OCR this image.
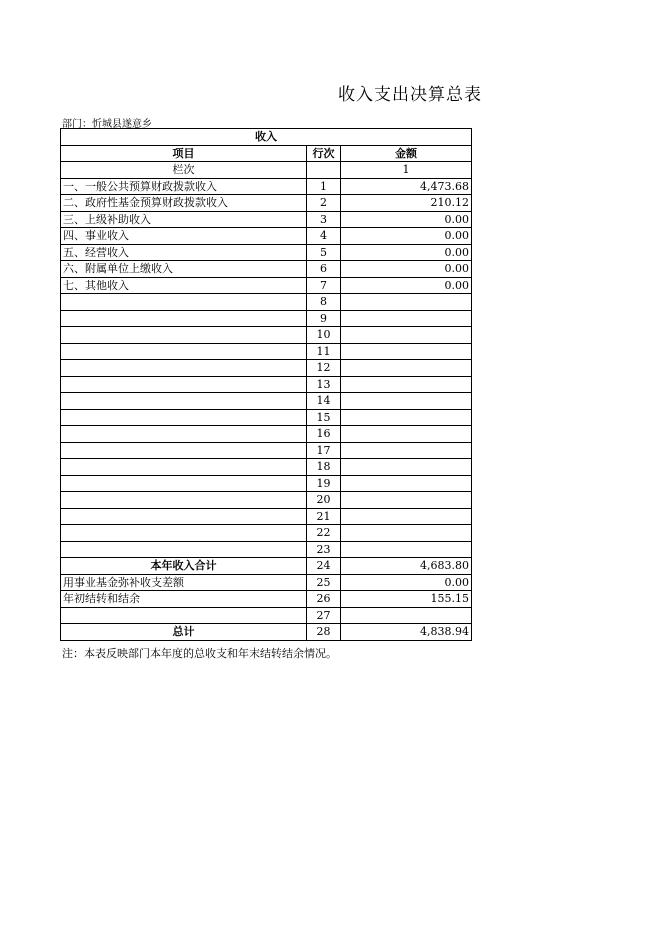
收入支出决算总表
部门：忻城县遂意乡
收入		
项目	行次	金额
栏次		1
一、一般公共预算财政拨款收入	1	4,473.68
二、政府性基金预算财政拨款收入	2	210.12
三、上级补助收入	3	0.00
四、事业收入	4	0.00
五、经营收入	5	0.00
六、附属单位上缴收入	6	0.00
七、其他收入	7	0.00
	8	
	9	
	10	
	11	
	12	
	13	
	14	
	15	
	16	
	17	
	18	
	19	
	20	
	21	
	22	
	23	
本年收入合计	24	4,683.80
用事业基金弥补收支差额	25	0.00
年初结转和结余	26	155.15
	27	
总计	28	4,838.94
注：本表反映部门本年度的总收支和年末结转结余情况。
